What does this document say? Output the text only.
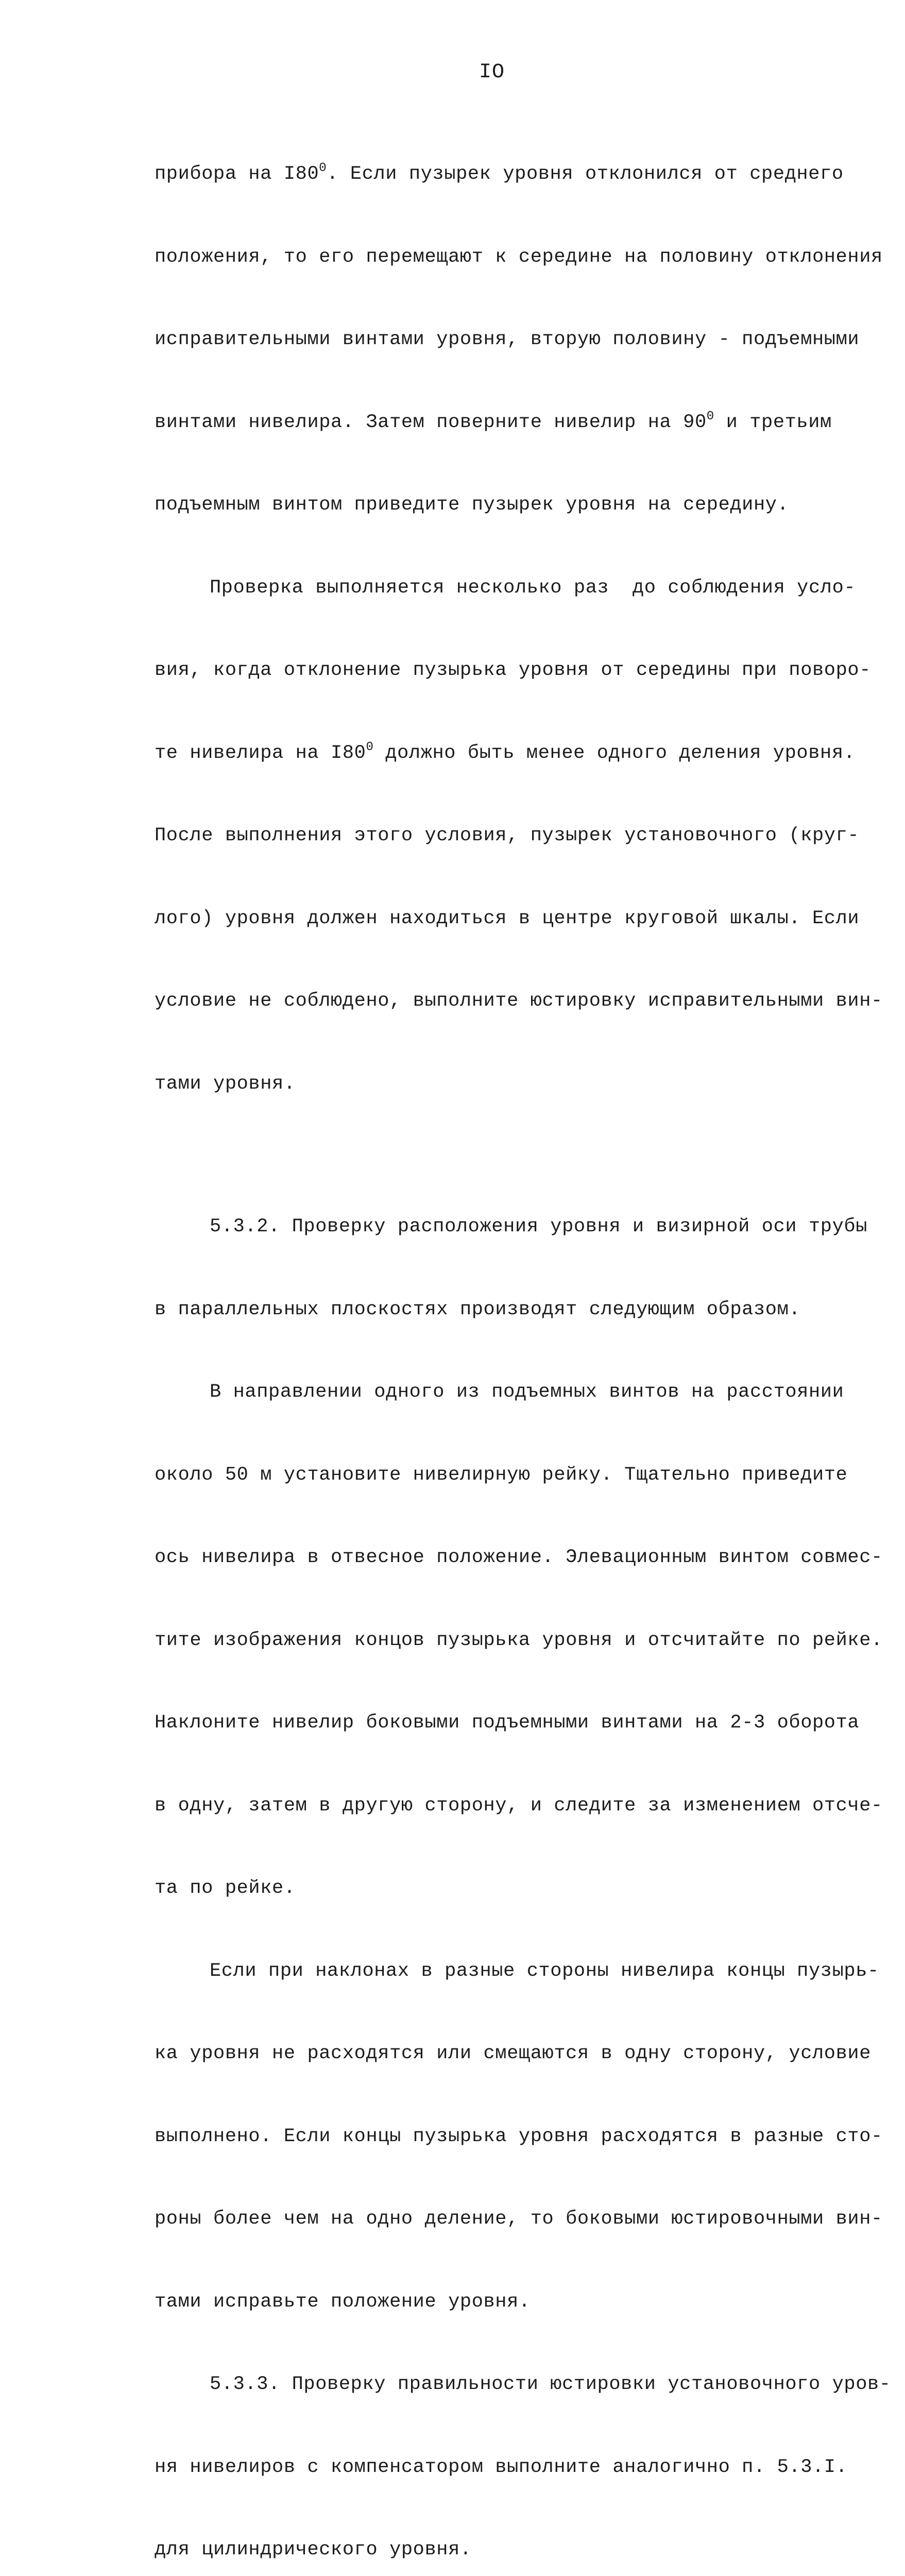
IO

прибора на $I80^0$. Если пузырек уровня отклонился от среднего

положения, то его перемещают к середине на половину отклонения

исправительными винтами уровня, вторую половину - подъемными

винтами нивелира. Затем поверните нивелир на $90^0$ и третьим

подъемным винтом приведите пузырек уровня на середину.

Проверка выполняется несколько раз  до соблюдения усло-

вия, когда отклонение пузырька уровня от середины при поворо-

те нивелира на $I80^0$ должно быть менее одного деления уровня.

После выполнения этого условия, пузырек установочного (круг-

лого) уровня должен находиться в центре круговой шкалы. Если

условие не соблюдено, выполните юстировку исправительными вин-

тами уровня.

5.3.2. Проверку расположения уровня и визирной оси трубы

в параллельных плоскостях производят следующим образом.

В направлении одного из подъемных винтов на расстоянии

около 50 м установите нивелирную рейку. Тщательно приведите

ось нивелира в отвесное положение. Элевационным винтом совмес-

тите изображения концов пузырька уровня и отсчитайте по рейке.

Наклоните нивелир боковыми подъемными винтами на 2-3 оборота

в одну, затем в другую сторону, и следите за изменением отсче-

та по рейке.

Если при наклонах в разные стороны нивелира концы пузырь-

ка уровня не расходятся или смещаются в одну сторону, условие

выполнено. Если концы пузырька уровня расходятся в разные сто-

роны более чем на одно деление, то боковыми юстировочными вин-

тами исправьте положение уровня.

5.3.3. Проверку правильности юстировки установочного уров-

ня нивелиров с компенсатором выполните аналогично п. 5.3.I.

для цилиндрического уровня.
